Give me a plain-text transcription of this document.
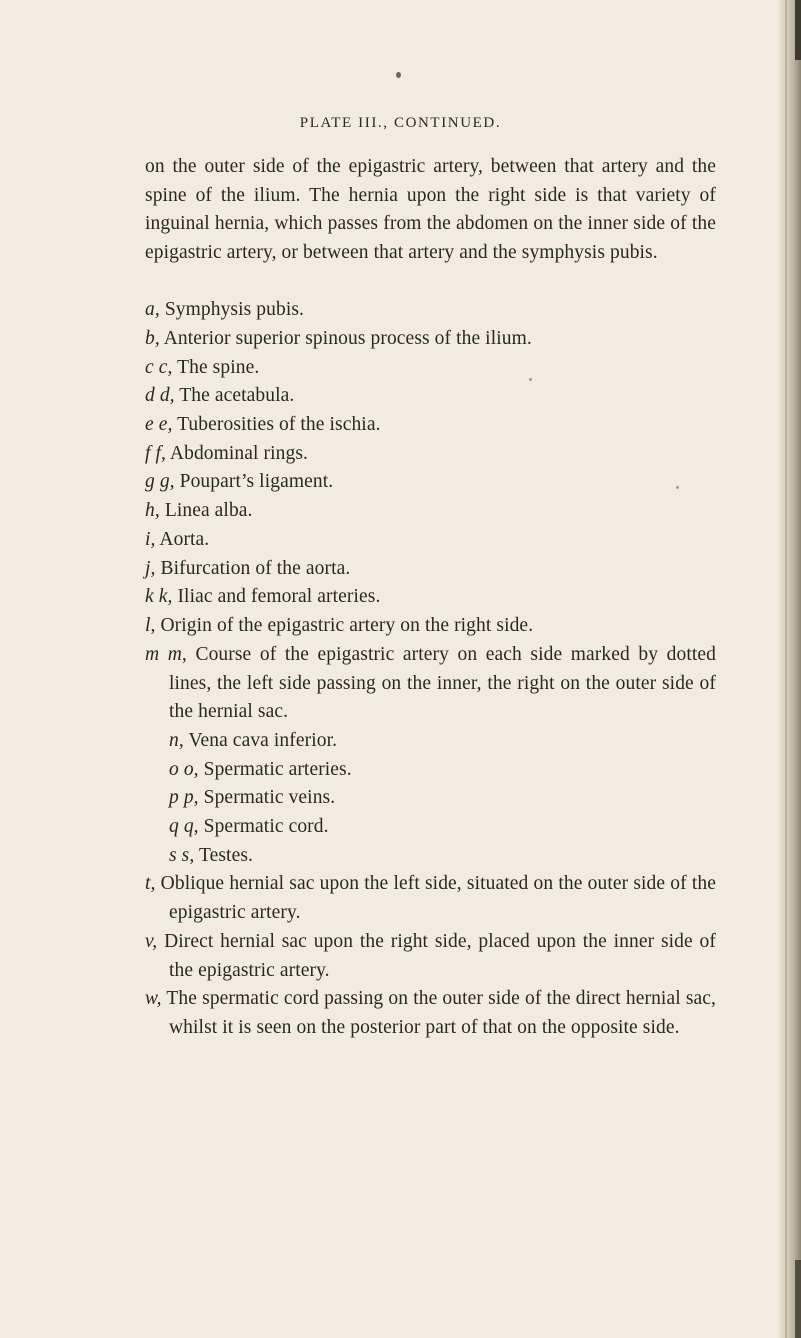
PLATE III., CONTINUED.
on the outer side of the epigastric artery, between that artery and the spine of the ilium. The hernia upon the right side is that variety of inguinal hernia, which passes from the abdomen on the inner side of the epigastric artery, or between that artery and the symphysis pubis.
a, Symphysis pubis.
b, Anterior superior spinous process of the ilium.
c c, The spine.
d d, The acetabula.
e e, Tuberosities of the ischia.
f f, Abdominal rings.
g g, Poupart’s ligament.
h, Linea alba.
i, Aorta.
j, Bifurcation of the aorta.
k k, Iliac and femoral arteries.
l, Origin of the epigastric artery on the right side.
m m, Course of the epigastric artery on each side marked by dotted lines, the left side passing on the inner, the right on the outer side of the hernial sac.
n, Vena cava inferior.
o o, Spermatic arteries.
p p, Spermatic veins.
q q, Spermatic cord.
s s, Testes.
t, Oblique hernial sac upon the left side, situated on the outer side of the epigastric artery.
v, Direct hernial sac upon the right side, placed upon the inner side of the epigastric artery.
w, The spermatic cord passing on the outer side of the direct hernial sac, whilst it is seen on the posterior part of that on the opposite side.
